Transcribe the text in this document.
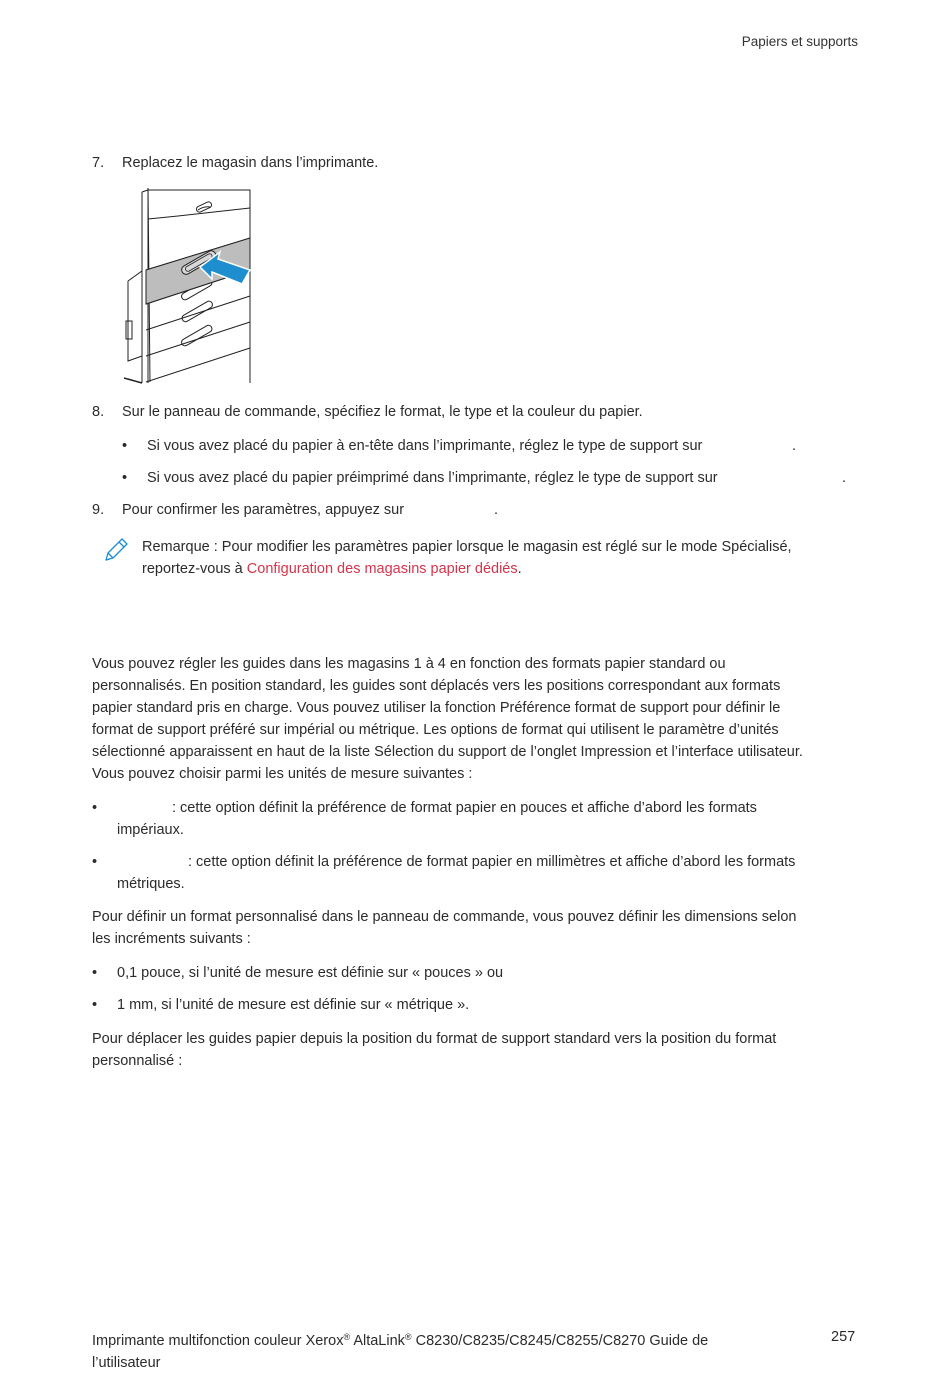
Papiers et supports
7. Replacez le magasin dans l’imprimante.
8. Sur le panneau de commande, spécifiez le format, le type et la couleur du papier.
• Si vous avez placé du papier à en-tête dans l’imprimante, réglez le type de support sur	.
• Si vous avez placé du papier préimprimé dans l’imprimante, réglez le type de support sur	.
9. Pour confirmer les paramètres, appuyez sur	.
Remarque : Pour modifier les paramètres papier lorsque le magasin est réglé sur le mode Spécialisé,
reportez-vous à Configuration des magasins papier dédiés.
Vous pouvez régler les guides dans les magasins 1 à 4 en fonction des formats papier standard ou
personnalisés. En position standard, les guides sont déplacés vers les positions correspondant aux formats
papier standard pris en charge. Vous pouvez utiliser la fonction Préférence format de support pour définir le
format de support préféré sur impérial ou métrique. Les options de format qui utilisent le paramètre d’unités
sélectionné apparaissent en haut de la liste Sélection du support de l’onglet Impression et l’interface utilisateur.
Vous pouvez choisir parmi les unités de mesure suivantes :
•	: cette option définit la préférence de format papier en pouces et affiche d’abord les formats
impériaux.
•	: cette option définit la préférence de format papier en millimètres et affiche d’abord les formats
métriques.
Pour définir un format personnalisé dans le panneau de commande, vous pouvez définir les dimensions selon
les incréments suivants :
• 0,1 pouce, si l’unité de mesure est définie sur « pouces » ou
• 1 mm, si l’unité de mesure est définie sur « métrique ».
Pour déplacer les guides papier depuis la position du format de support standard vers la position du format
personnalisé :
Imprimante multifonction couleur Xerox® AltaLink® C8230/C8235/C8245/C8255/C8270 Guide de
l’utilisateur
257
